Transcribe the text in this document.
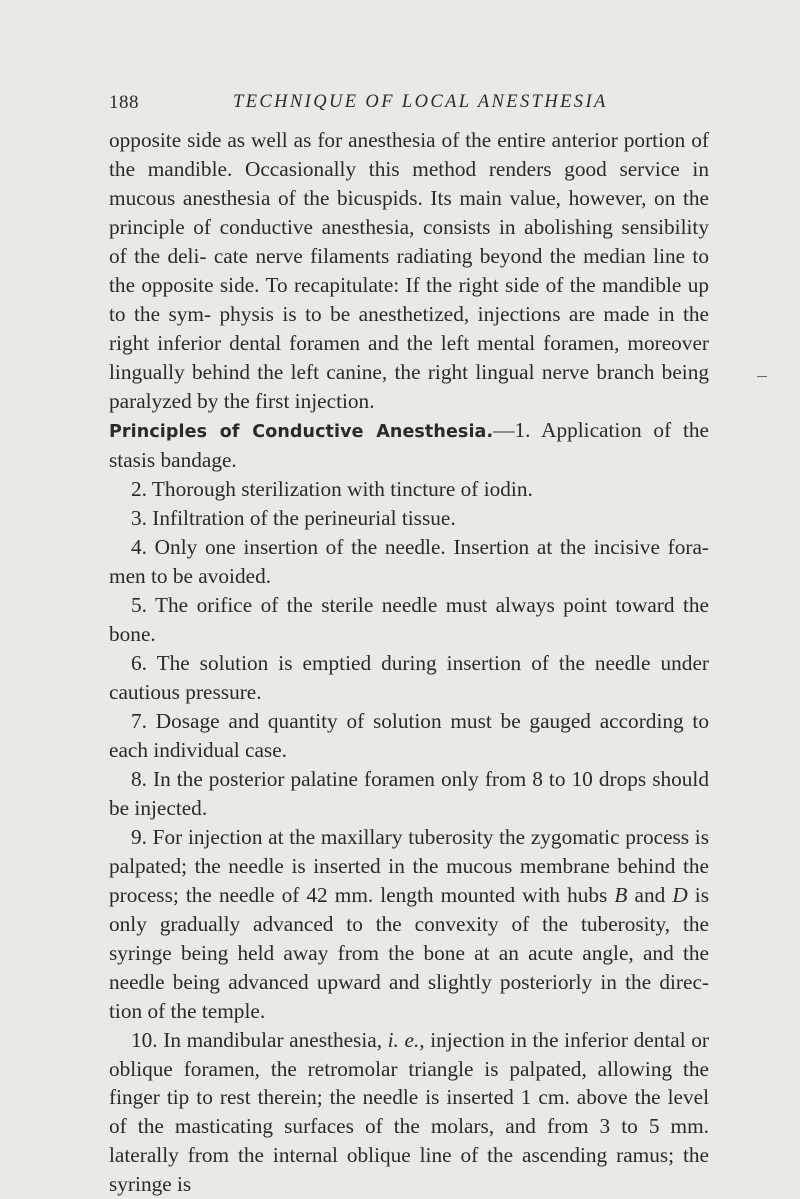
188	TECHNIQUE OF LOCAL ANESTHESIA

opposite side as well as for anesthesia of the entire anterior portion of the mandible. Occasionally this method renders good service in mucous anesthesia of the bicuspids. Its main value, however, on the principle of conductive anesthesia, consists in abolishing sensibility of the deli- cate nerve filaments radiating beyond the median line to the opposite side. To recapitulate: If the right side of the mandible up to the sym- physis is to be anesthetized, injections are made in the right inferior dental foramen and the left mental foramen, moreover lingually behind the left canine, the right lingual nerve branch being paralyzed by the first injection.

Principles of Conductive Anesthesia.—1. Application of the stasis bandage.

2. Thorough sterilization with tincture of iodin.

3. Infiltration of the perineurial tissue.

4. Only one insertion of the needle. Insertion at the incisive fora- men to be avoided.

5. The orifice of the sterile needle must always point toward the bone.

6. The solution is emptied during insertion of the needle under cautious pressure.

7. Dosage and quantity of solution must be gauged according to each individual case.

8. In the posterior palatine foramen only from 8 to 10 drops should be injected.

9. For injection at the maxillary tuberosity the zygomatic process is palpated; the needle is inserted in the mucous membrane behind the process; the needle of 42 mm. length mounted with hubs B and D is only gradually advanced to the convexity of the tuberosity, the syringe being held away from the bone at an acute angle, and the needle being advanced upward and slightly posteriorly in the direc- tion of the temple.

10. In mandibular anesthesia, i. e., injection in the inferior dental or oblique foramen, the retromolar triangle is palpated, allowing the finger tip to rest therein; the needle is inserted 1 cm. above the level of the masticating surfaces of the molars, and from 3 to 5 mm. laterally from the internal oblique line of the ascending ramus; the syringe is
